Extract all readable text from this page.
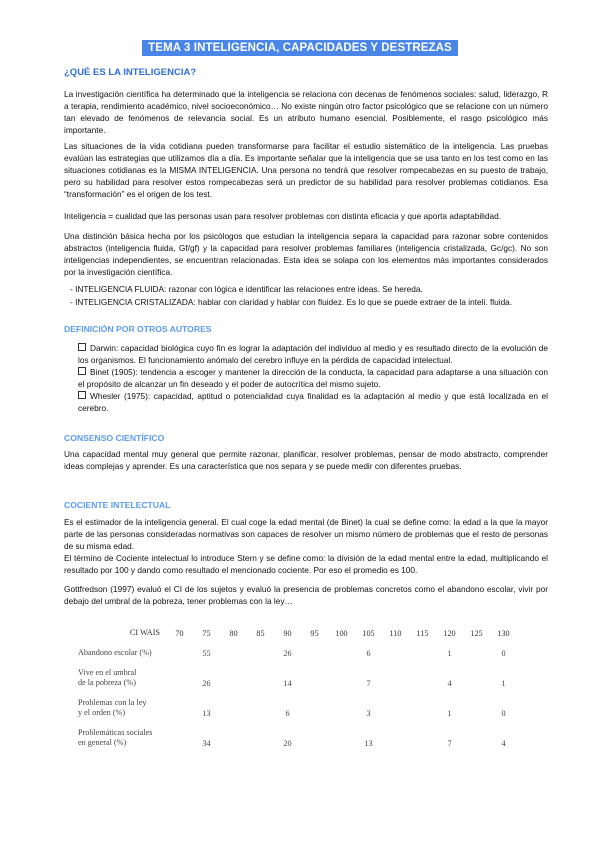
TEMA 3 INTELIGENCIA, CAPACIDADES Y DESTREZAS
¿QUÉ ES LA INTELIGENCIA?
La investigación científica ha determinado que la inteligencia se relaciona con decenas de fenómenos sociales: salud, liderazgo, R a terapia, rendimiento académico, nivel socioeconómico… No existe ningún otro factor psicológico que se relacione con un número tan elevado de fenómenos de relevancia social. Es un atributo humano esencial. Posiblemente, el rasgo psicológico más importante.
Las situaciones de la vida cotidiana pueden transformarse para facilitar el estudio sistemático de la inteligencia. Las pruebas evalúan las estrategias que utilizamos día a día. Es importante señalar que la inteligencia que se usa tanto en los test como en las situaciones cotidianas es la MISMA INTELIGENCIA. Una persona no tendrá que resolver rompecabezas en su puesto de trabajo, pero su habilidad para resolver estos rompecabezas será un predictor de su habilidad para resolver problemas cotidianos. Esa “transformación” es el origen de los test.
Inteligencia = cualidad que las personas usan para resolver problemas con distinta eficacia y que aporta adaptabilidad.
Una distinción básica hecha por los psicólogos que estudian la inteligencia separa la capacidad para razonar sobre contenidos abstractos (inteligencia fluida, Gf/gf) y la capacidad para resolver problemas familiares (inteligencia cristalizada, Gc/gc). No son inteligencias independientes, se encuentran relacionadas. Esta idea se solapa con los elementos más importantes considerados por la investigación científica.
- INTELIGENCIA FLUIDA: razonar con lógica e identificar las relaciones entre ideas. Se hereda.
- INTELIGENCIA CRISTALIZADA: hablar con claridad y hablar con fluidez. Es lo que se puede extraer de la inteli. fluida.
DEFINICIÓN POR OTROS AUTORES
Darwin: capacidad biológica cuyo fin es lograr la adaptación del individuo al medio y es resultado directo de la evolución de los organismos. El funcionamiento anómalo del cerebro influye en la pérdida de capacidad intelectual.
Binet (1905): tendencia a escoger y mantener la dirección de la conducta, la capacidad para adaptarse a una situación con el propósito de alcanzar un fin deseado y el poder de autocrítica del mismo sujeto.
Whesler (1975): capacidad, aptitud o potencialidad cuya finalidad es la adaptación al medio y que está localizada en el cerebro.
CONSENSO CIENTÍFICO
Una capacidad mental muy general que permite razonar, planificar, resolver problemas, pensar de modo abstracto, comprender ideas complejas y aprender. Es una característica que nos separa y se puede medir con diferentes pruebas.
COCIENTE INTELECTUAL
Es el estimador de la inteligencia general. El cual coge la edad mental (de Binet) la cual se define como: la edad a la que la mayor parte de las personas consideradas normativas son capaces de resolver un mismo número de problemas que el resto de personas de su misma edad.
El término de Cociente intelectual lo introduce Stern y se define como: la división de la edad mental entre la edad, multiplicando el resultado por 100 y dando como resultado el mencionado cociente. Por eso el promedio es 100.
Gottfredson (1997) evaluó el CI de los sujetos y evaluó la presencia de problemas concretos como el abandono escolar, vivir por debajo del umbral de la pobreza, tener problemas con la ley…
CI WAIS	70	75	80	85	90	95	100	105	110	115	120	125	130
Abandono escolar (%)		55			26			6			1		0
Vive en el umbral
de la pobreza (%)		26			14			7			4		1
Problemas con la ley
y el orden (%)		13			6			3			1		0
Problemáticas sociales
en general (%)		34			20			13			7		4
